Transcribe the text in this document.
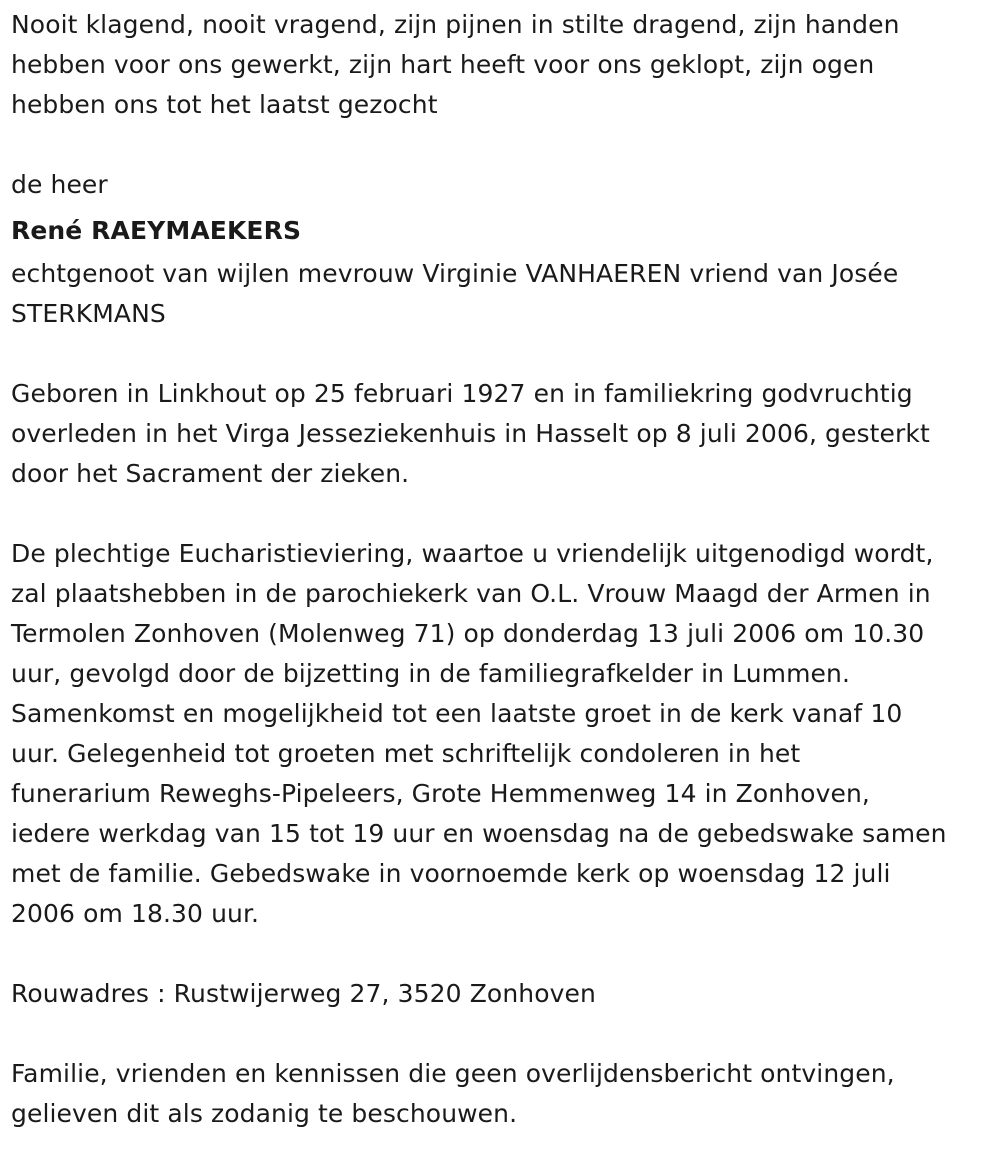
Nooit klagend, nooit vragend, zijn pijnen in stilte dragend, zijn handen
hebben voor ons gewerkt, zijn hart heeft voor ons geklopt, zijn ogen
hebben ons tot het laatst gezocht

de heer

René RAEYMAEKERS

echtgenoot van wijlen mevrouw Virginie VANHAEREN vriend van Josée
STERKMANS

Geboren in Linkhout op 25 februari 1927 en in familiekring godvruchtig
overleden in het Virga Jesseziekenhuis in Hasselt op 8 juli 2006, gesterkt
door het Sacrament der zieken.

De plechtige Eucharistieviering, waartoe u vriendelijk uitgenodigd wordt,
zal plaatshebben in de parochiekerk van O.L. Vrouw Maagd der Armen in
Termolen Zonhoven (Molenweg 71) op donderdag 13 juli 2006 om 10.30
uur, gevolgd door de bijzetting in de familiegrafkelder in Lummen.
Samenkomst en mogelijkheid tot een laatste groet in de kerk vanaf 10
uur. Gelegenheid tot groeten met schriftelijk condoleren in het
funerarium Reweghs-Pipeleers, Grote Hemmenweg 14 in Zonhoven,
iedere werkdag van 15 tot 19 uur en woensdag na de gebedswake samen
met de familie. Gebedswake in voornoemde kerk op woensdag 12 juli
2006 om 18.30 uur.

Rouwadres : Rustwijerweg 27, 3520 Zonhoven

Familie, vrienden en kennissen die geen overlijdensbericht ontvingen,
gelieven dit als zodanig te beschouwen.
